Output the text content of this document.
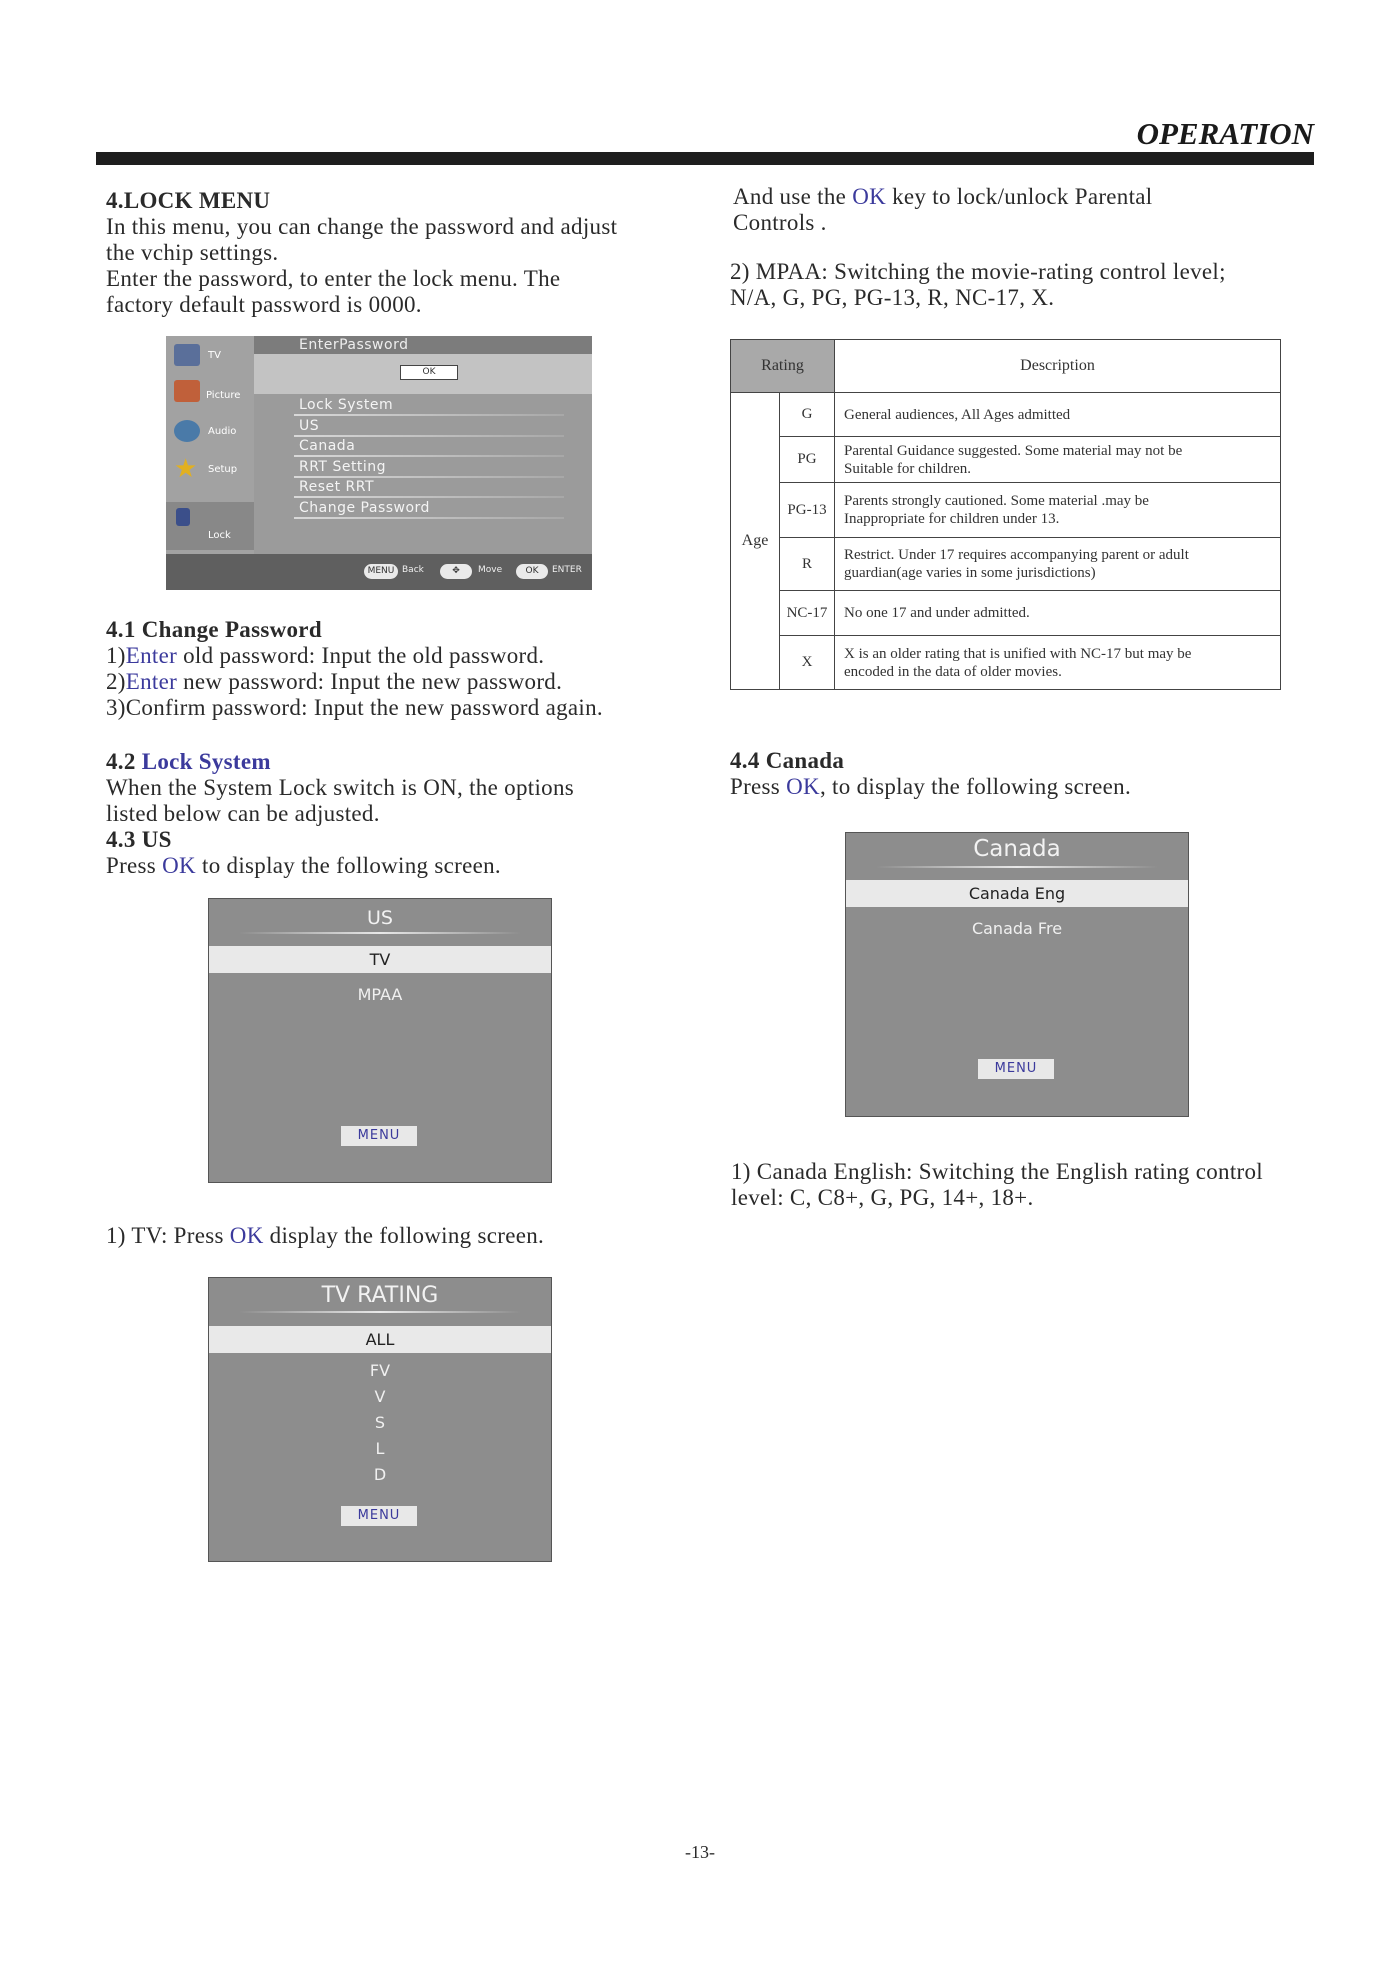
OPERATION

4.LOCK MENU

In this menu, you can change the password and adjust

the vchip settings.

Enter the password, to enter the lock menu. The

factory default password is 0000.

TV
Picture
Audio
★ Setup
Lock
EnterPassword
OK
Lock System
US
Canada
RRT Setting
Reset RRT
Change Password
MENU Back	✥	Move	OK	ENTER

4.1 Change Password

1)Enter old password: Input the old password.

2)Enter new password: Input the new password.

3)Confirm password: Input the new password again.

4.2 Lock System

When the System Lock switch is ON, the options

listed below can be adjusted.

4.3 US

Press OK to display the following screen.

US
TV
MPAA
MENU

1) TV: Press OK display the following screen.

TV RATING
ALL
FV
V
S
L
D
MENU

And use the OK key to lock/unlock Parental

Controls .

2) MPAA: Switching the movie-rating control level;

N/A, G, PG, PG-13, R, NC-17, X.

Rating		Description
Age	G	General audiences, All Ages admitted

	PG	Parental Guidance suggested. Some material may not be
Suitable for children.

	PG-13	Parents strongly cautioned. Some material .may be
Inappropriate for children under 13.

	R	Restrict. Under 17 requires accompanying parent or adult
guardian(age varies in some jurisdictions)

	NC-17	No one 17 and under admitted.

	X	X is an older rating that is unified with NC-17 but may be
encoded in the data of older movies.

4.4 Canada

Press OK, to display the following screen.

Canada
Canada Eng
Canada Fre
MENU

1) Canada English: Switching the English rating control

level: C, C8+, G, PG, 14+, 18+.

-13-
